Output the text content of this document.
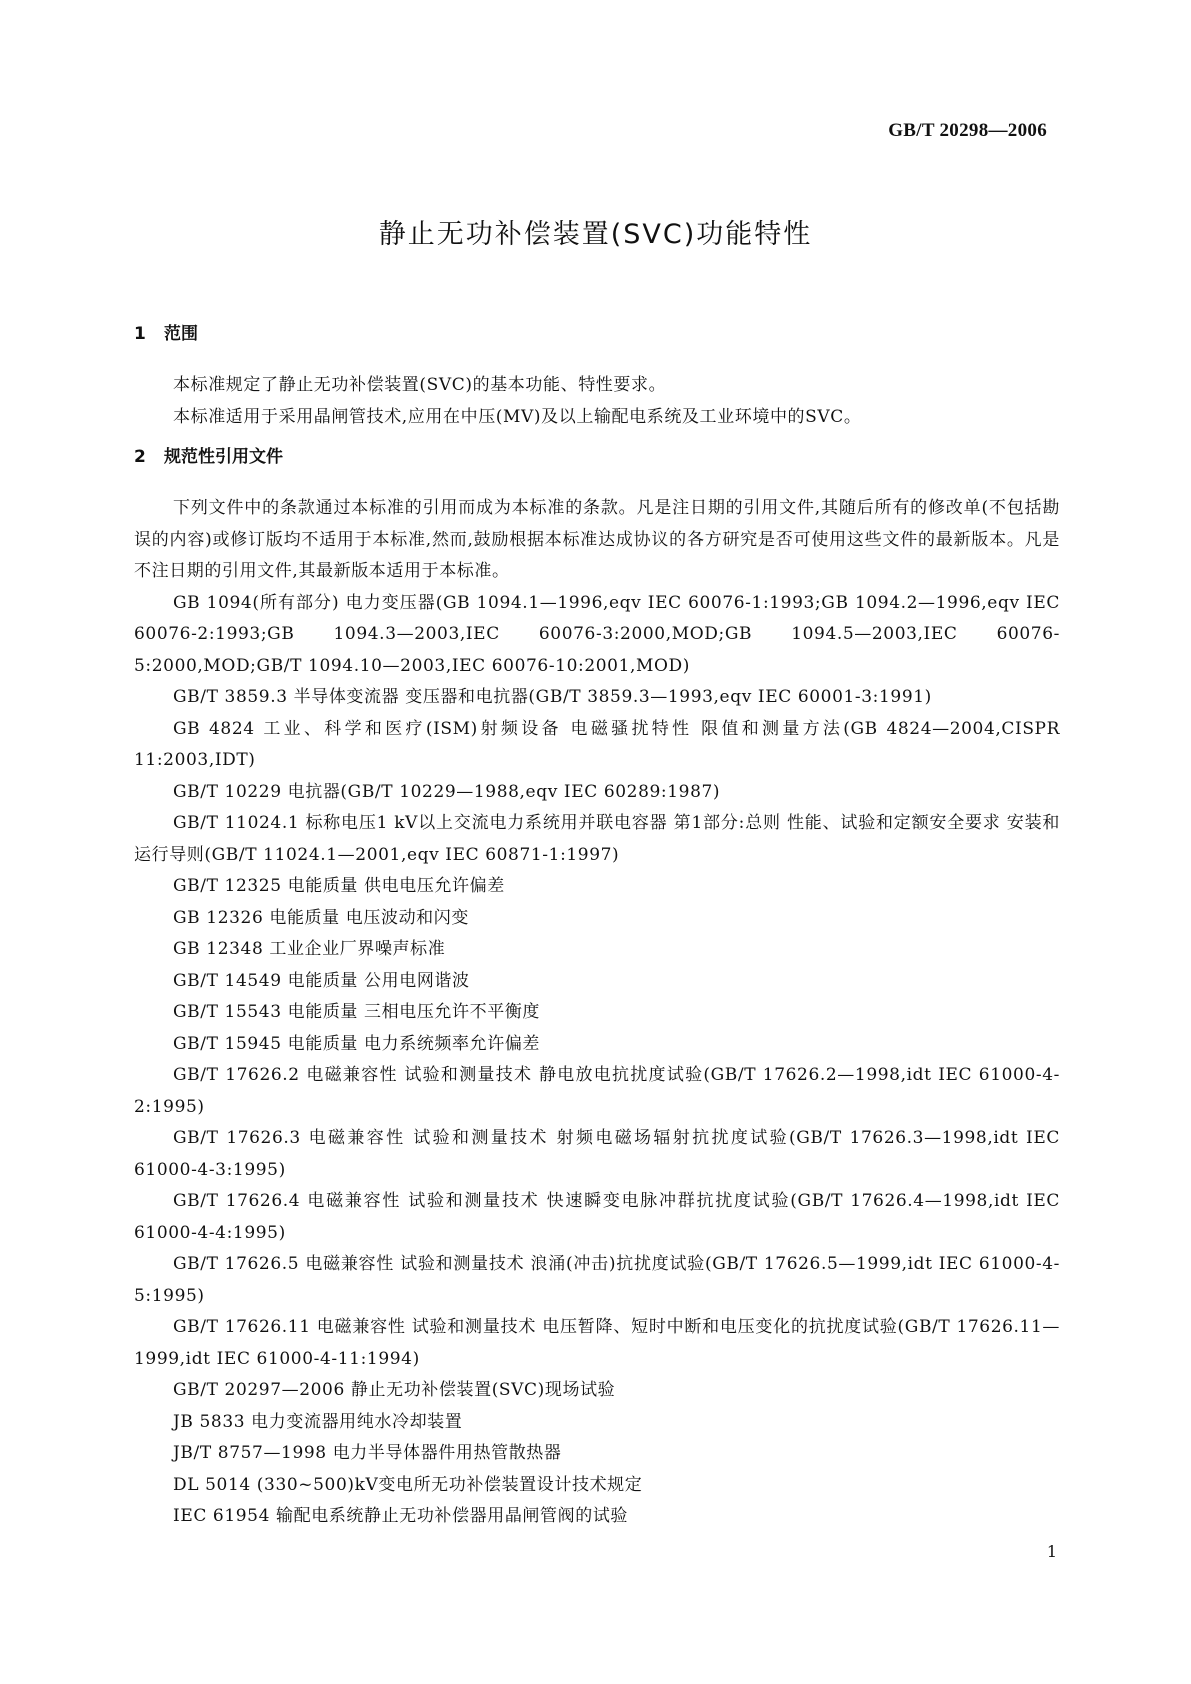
GB/T 20298—2006
静止无功补偿装置(SVC)功能特性
1 范围

本标准规定了静止无功补偿装置(SVC)的基本功能、特性要求。

本标准适用于采用晶闸管技术,应用在中压(MV)及以上输配电系统及工业环境中的SVC。

2 规范性引用文件

下列文件中的条款通过本标准的引用而成为本标准的条款。凡是注日期的引用文件,其随后所有的修改单(不包括勘误的内容)或修订版均不适用于本标准,然而,鼓励根据本标准达成协议的各方研究是否可使用这些文件的最新版本。凡是不注日期的引用文件,其最新版本适用于本标准。

GB 1094(所有部分) 电力变压器(GB 1094.1—1996,eqv IEC 60076-1:1993;GB 1094.2—1996,eqv IEC 60076-2:1993;GB 1094.3—2003,IEC 60076-3:2000,MOD;GB 1094.5—2003,IEC 60076-5:2000,MOD;GB/T 1094.10—2003,IEC 60076-10:2001,MOD)

GB/T 3859.3 半导体变流器 变压器和电抗器(GB/T 3859.3—1993,eqv IEC 60001-3:1991)

GB 4824 工业、科学和医疗(ISM)射频设备 电磁骚扰特性 限值和测量方法(GB 4824—2004,CISPR 11:2003,IDT)

GB/T 10229 电抗器(GB/T 10229—1988,eqv IEC 60289:1987)

GB/T 11024.1 标称电压1 kV以上交流电力系统用并联电容器 第1部分:总则 性能、试验和定额安全要求 安装和运行导则(GB/T 11024.1—2001,eqv IEC 60871-1:1997)

GB/T 12325 电能质量 供电电压允许偏差

GB 12326 电能质量 电压波动和闪变

GB 12348 工业企业厂界噪声标准

GB/T 14549 电能质量 公用电网谐波

GB/T 15543 电能质量 三相电压允许不平衡度

GB/T 15945 电能质量 电力系统频率允许偏差

GB/T 17626.2 电磁兼容性 试验和测量技术 静电放电抗扰度试验(GB/T 17626.2—1998,idt IEC 61000-4-2:1995)

GB/T 17626.3 电磁兼容性 试验和测量技术 射频电磁场辐射抗扰度试验(GB/T 17626.3—1998,idt IEC 61000-4-3:1995)

GB/T 17626.4 电磁兼容性 试验和测量技术 快速瞬变电脉冲群抗扰度试验(GB/T 17626.4—1998,idt IEC 61000-4-4:1995)

GB/T 17626.5 电磁兼容性 试验和测量技术 浪涌(冲击)抗扰度试验(GB/T 17626.5—1999,idt IEC 61000-4-5:1995)

GB/T 17626.11 电磁兼容性 试验和测量技术 电压暂降、短时中断和电压变化的抗扰度试验(GB/T 17626.11—1999,idt IEC 61000-4-11:1994)

GB/T 20297—2006 静止无功补偿装置(SVC)现场试验

JB 5833 电力变流器用纯水冷却装置

JB/T 8757—1998 电力半导体器件用热管散热器

DL 5014 (330~500)kV变电所无功补偿装置设计技术规定

IEC 61954 输配电系统静止无功补偿器用晶闸管阀的试验

1
